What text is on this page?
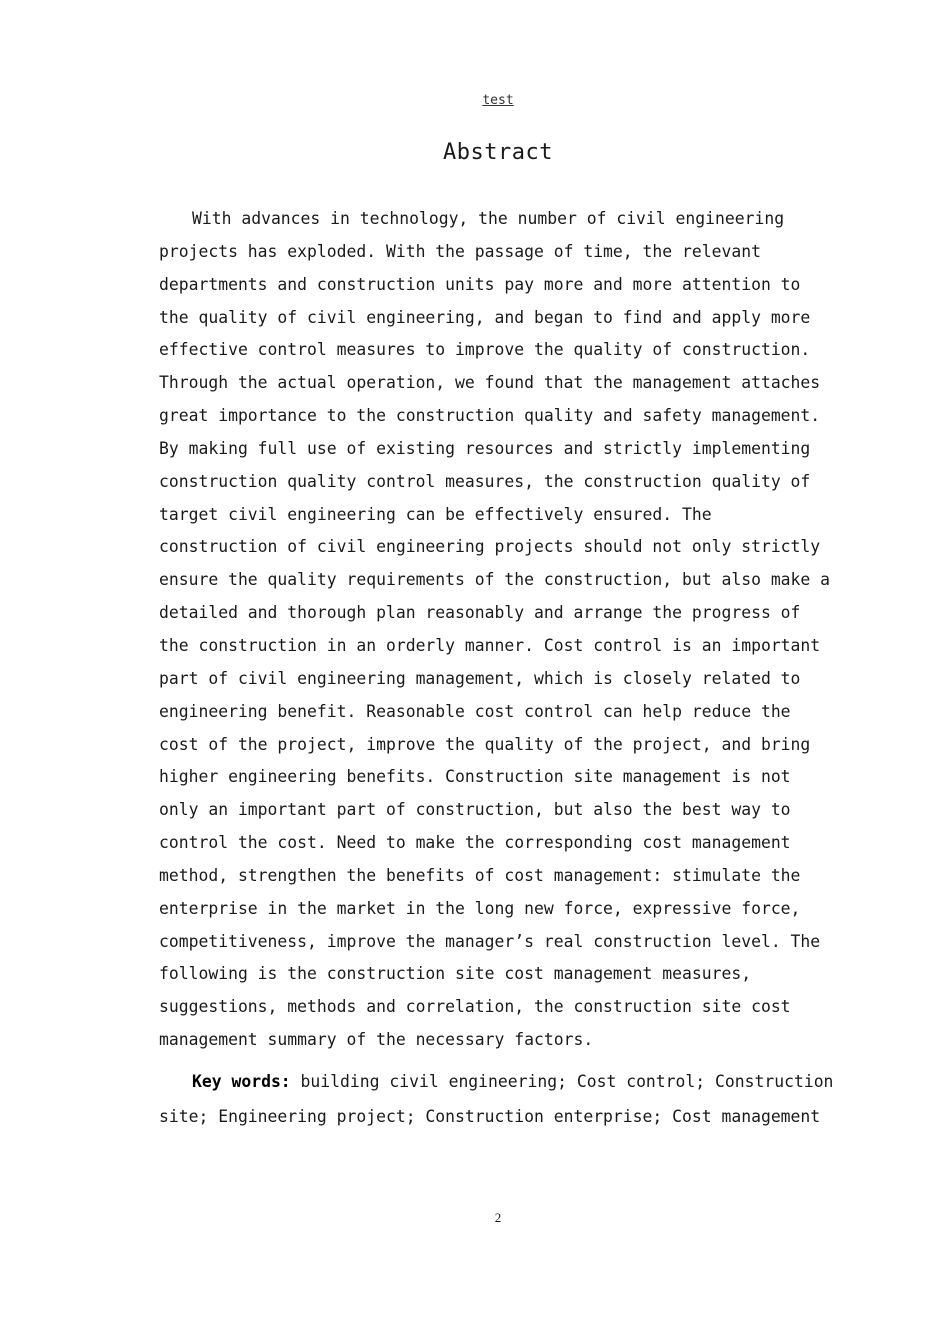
test
Abstract

With advances in technology, the number of civil engineering projects has exploded. With the passage of time, the relevant departments and construction units pay more and more attention to the quality of civil engineering, and began to find and apply more effective control measures to improve the quality of construction. Through the actual operation, we found that the management attaches great importance to the construction quality and safety management. By making full use of existing resources and strictly implementing construction quality control measures, the construction quality of target civil engineering can be effectively ensured. The construction of civil engineering projects should not only strictly ensure the quality requirements of the construction, but also make a detailed and thorough plan reasonably and arrange the progress of the construction in an orderly manner. Cost control is an important part of civil engineering management, which is closely related to engineering benefit. Reasonable cost control can help reduce the cost of the project, improve the quality of the project, and bring higher engineering benefits. Construction site management is not only an important part of construction, but also the best way to control the cost. Need to make the corresponding cost management method, strengthen the benefits of cost management: stimulate the enterprise in the market in the long new force, expressive force, competitiveness, improve the manager’s real construction level. The following is the construction site cost management measures, suggestions, methods and correlation, the construction site cost management summary of the necessary factors.

Key words: building civil engineering; Cost control; Construction site; Engineering project; Construction enterprise; Cost management

2
